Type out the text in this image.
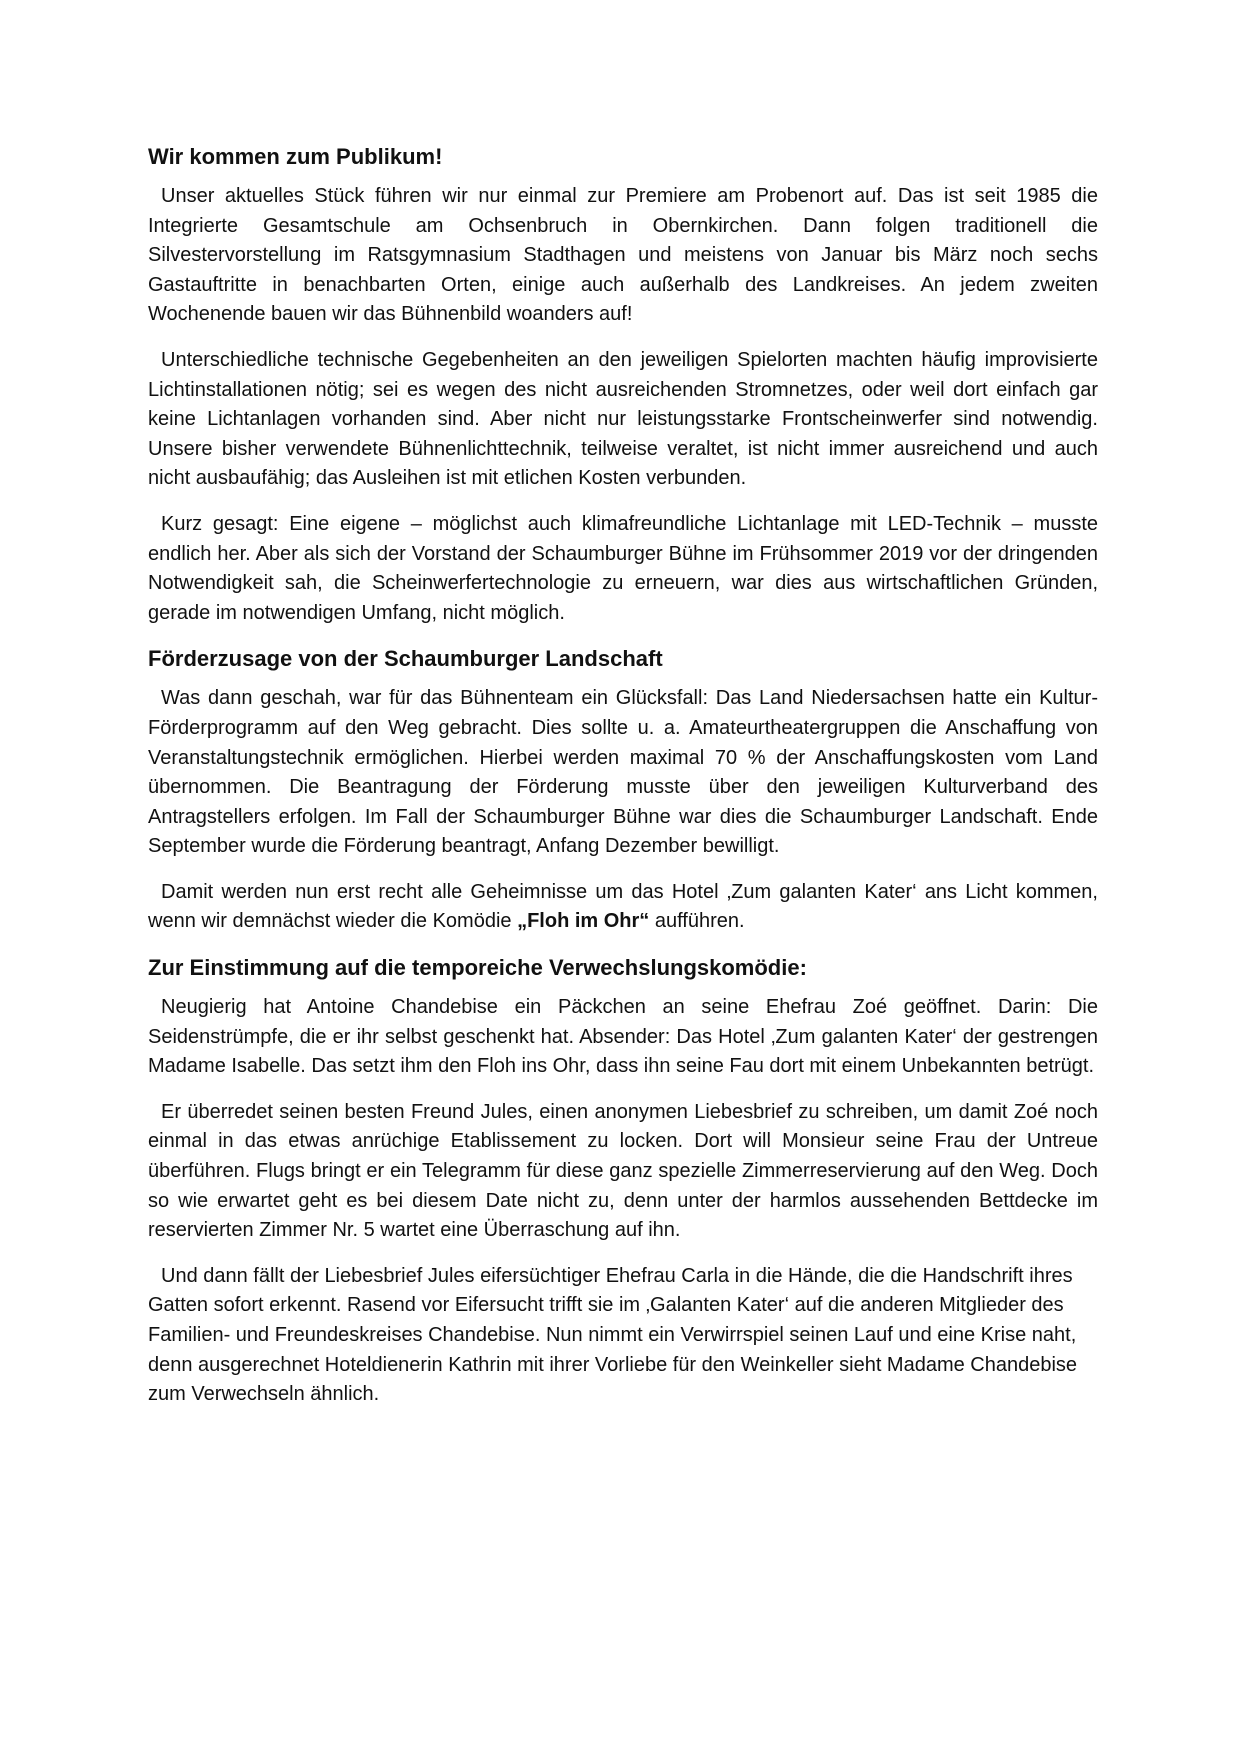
Wir kommen zum Publikum!

Unser aktuelles Stück führen wir nur einmal zur Premiere am Probenort auf. Das ist seit 1985 die Integrierte Gesamtschule am Ochsenbruch in Obernkirchen. Dann folgen traditionell die Silvestervorstellung im Ratsgymnasium Stadthagen und meistens von Januar bis März noch sechs Gastauftritte in benachbarten Orten, einige auch außerhalb des Landkreises. An jedem zweiten Wochenende bauen wir das Bühnenbild woanders auf!

Unterschiedliche technische Gegebenheiten an den jeweiligen Spielorten machten häufig improvisierte Lichtinstallationen nötig; sei es wegen des nicht ausreichenden Stromnetzes, oder weil dort einfach gar keine Lichtanlagen vorhanden sind. Aber nicht nur leistungsstarke Frontscheinwerfer sind notwendig. Unsere bisher verwendete Bühnenlichttechnik, teilweise veraltet, ist nicht immer ausreichend und auch nicht ausbaufähig; das Ausleihen ist mit etlichen Kosten verbunden.

Kurz gesagt: Eine eigene – möglichst auch klimafreundliche Lichtanlage mit LED-Technik – musste endlich her. Aber als sich der Vorstand der Schaumburger Bühne im Frühsommer 2019 vor der dringenden Notwendigkeit sah, die Scheinwerfertechnologie zu erneuern, war dies aus wirtschaftlichen Gründen, gerade im notwendigen Umfang, nicht möglich.

Förderzusage von der Schaumburger Landschaft

Was dann geschah, war für das Bühnenteam ein Glücksfall: Das Land Niedersachsen hatte ein Kultur-Förderprogramm auf den Weg gebracht. Dies sollte u. a. Amateurtheatergruppen die Anschaffung von Veranstaltungstechnik ermöglichen. Hierbei werden maximal 70 % der Anschaffungskosten vom Land übernommen. Die Beantragung der Förderung musste über den jeweiligen Kulturverband des Antragstellers erfolgen. Im Fall der Schaumburger Bühne war dies die Schaumburger Landschaft. Ende September wurde die Förderung beantragt, Anfang Dezember bewilligt.

Damit werden nun erst recht alle Geheimnisse um das Hotel ‚Zum galanten Kater‘ ans Licht kommen, wenn wir demnächst wieder die Komödie „Floh im Ohr“ aufführen.

Zur Einstimmung auf die temporeiche Verwechslungskomödie:

Neugierig hat Antoine Chandebise ein Päckchen an seine Ehefrau Zoé geöffnet. Darin: Die Seidenstrümpfe, die er ihr selbst geschenkt hat. Absender: Das Hotel ‚Zum galanten Kater‘ der gestrengen Madame Isabelle. Das setzt ihm den Floh ins Ohr, dass ihn seine Fau dort mit einem Unbekannten betrügt.

Er überredet seinen besten Freund Jules, einen anonymen Liebesbrief zu schreiben, um damit Zoé noch einmal in das etwas anrüchige Etablissement zu locken. Dort will Monsieur seine Frau der Untreue überführen. Flugs bringt er ein Telegramm für diese ganz spezielle Zimmerreservierung auf den Weg. Doch so wie erwartet geht es bei diesem Date nicht zu, denn unter der harmlos aussehenden Bettdecke im reservierten Zimmer Nr. 5 wartet eine Überraschung auf ihn.

Und dann fällt der Liebesbrief Jules eifersüchtiger Ehefrau Carla in die Hände, die die Handschrift ihres Gatten sofort erkennt. Rasend vor Eifersucht trifft sie im ‚Galanten Kater‘ auf die anderen Mitglieder des Familien- und Freundeskreises Chandebise. Nun nimmt ein Verwirrspiel seinen Lauf und eine Krise naht, denn ausgerechnet Hoteldienerin Kathrin mit ihrer Vorliebe für den Weinkeller sieht Madame Chandebise zum Verwechseln ähnlich.
